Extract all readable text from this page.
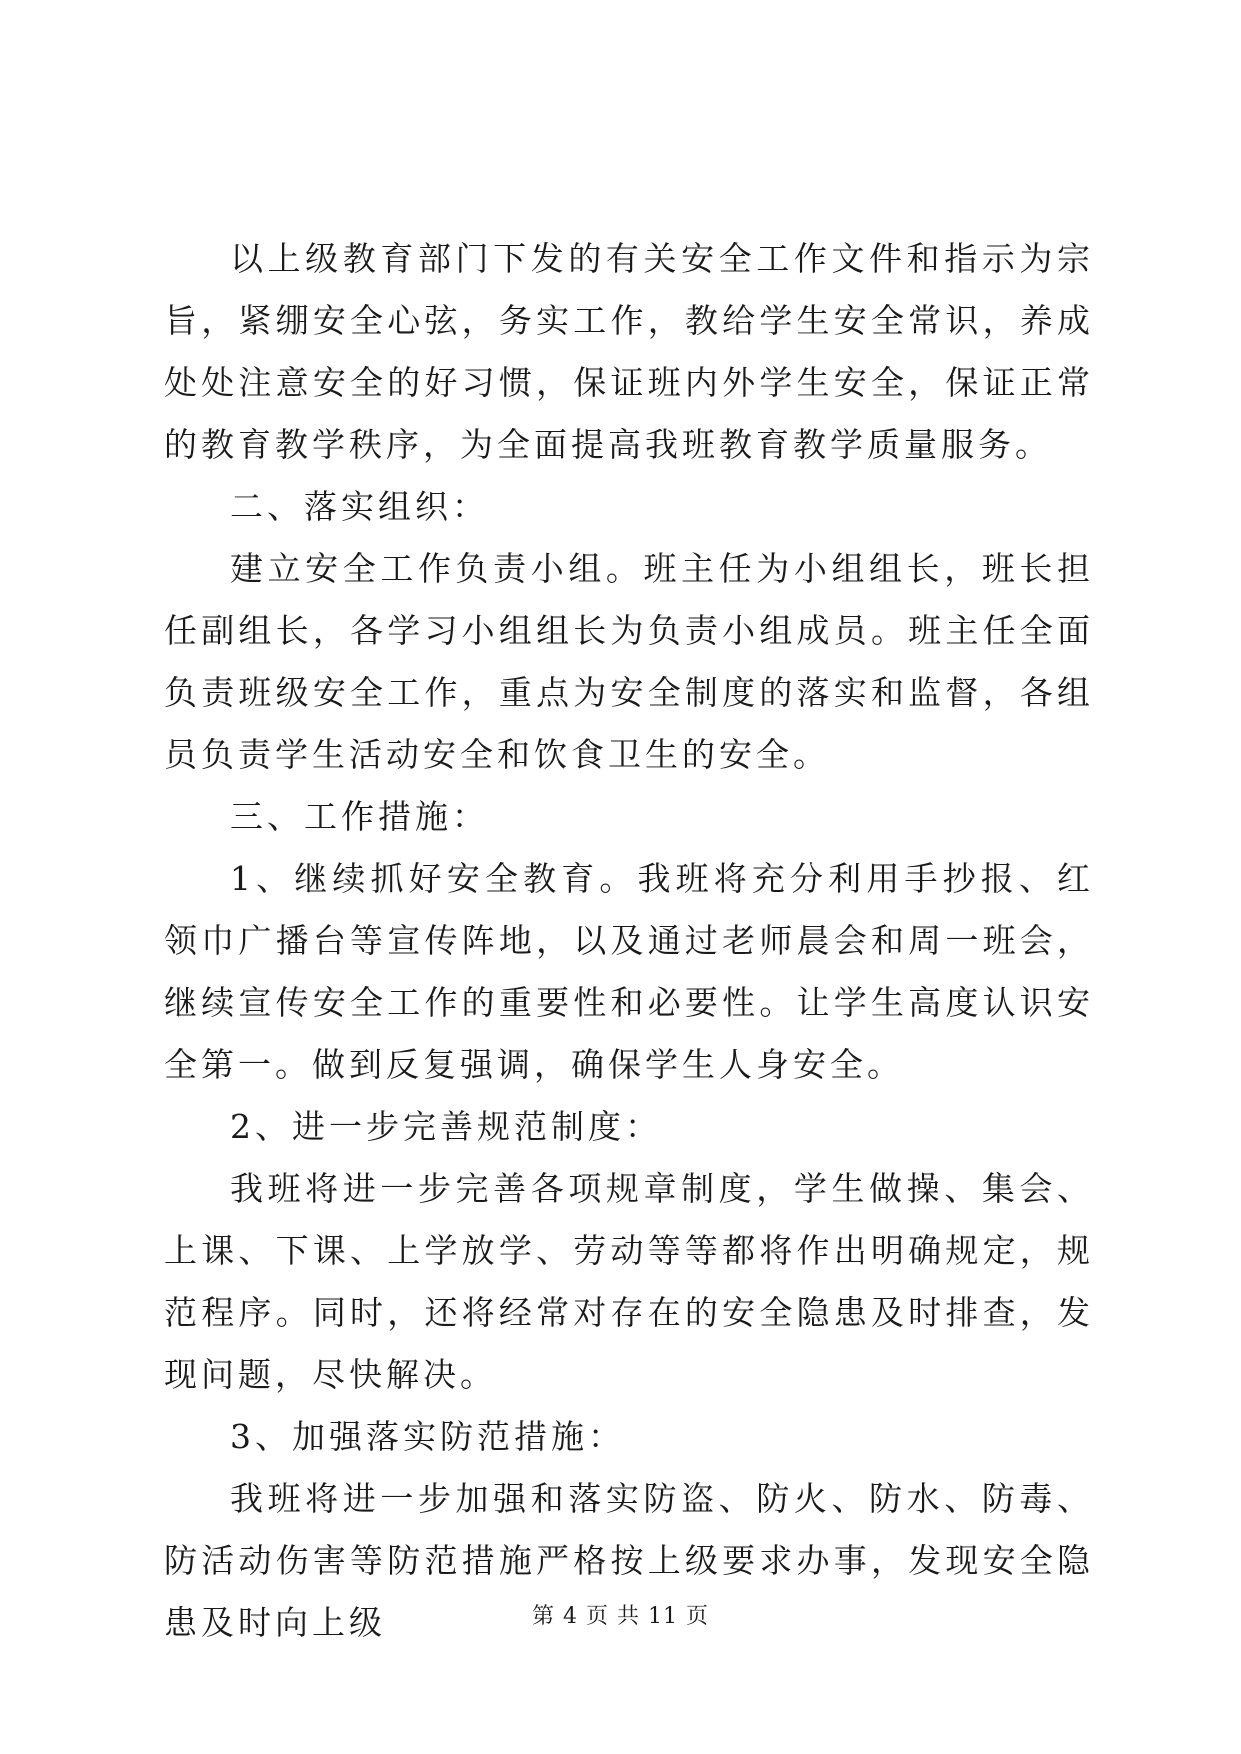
以上级教育部门下发的有关安全工作文件和指示为宗旨，紧绷安全心弦，务实工作，教给学生安全常识，养成处处注意安全的好习惯，保证班内外学生安全，保证正常的教育教学秩序，为全面提高我班教育教学质量服务。

二、落实组织：

建立安全工作负责小组。班主任为小组组长，班长担任副组长，各学习小组组长为负责小组成员。班主任全面负责班级安全工作，重点为安全制度的落实和监督，各组员负责学生活动安全和饮食卫生的安全。

三、工作措施：

1、继续抓好安全教育。我班将充分利用手抄报、红领巾广播台等宣传阵地，以及通过老师晨会和周一班会，继续宣传安全工作的重要性和必要性。让学生高度认识安全第一。做到反复强调，确保学生人身安全。

2、进一步完善规范制度：

我班将进一步完善各项规章制度，学生做操、集会、上课、下课、上学放学、劳动等等都将作出明确规定，规范程序。同时，还将经常对存在的安全隐患及时排查，发现问题，尽快解决。

3、加强落实防范措施：

我班将进一步加强和落实防盗、防火、防水、防毒、防活动伤害等防范措施严格按上级要求办事，发现安全隐患及时向上级	第 4 页 共 11 页
